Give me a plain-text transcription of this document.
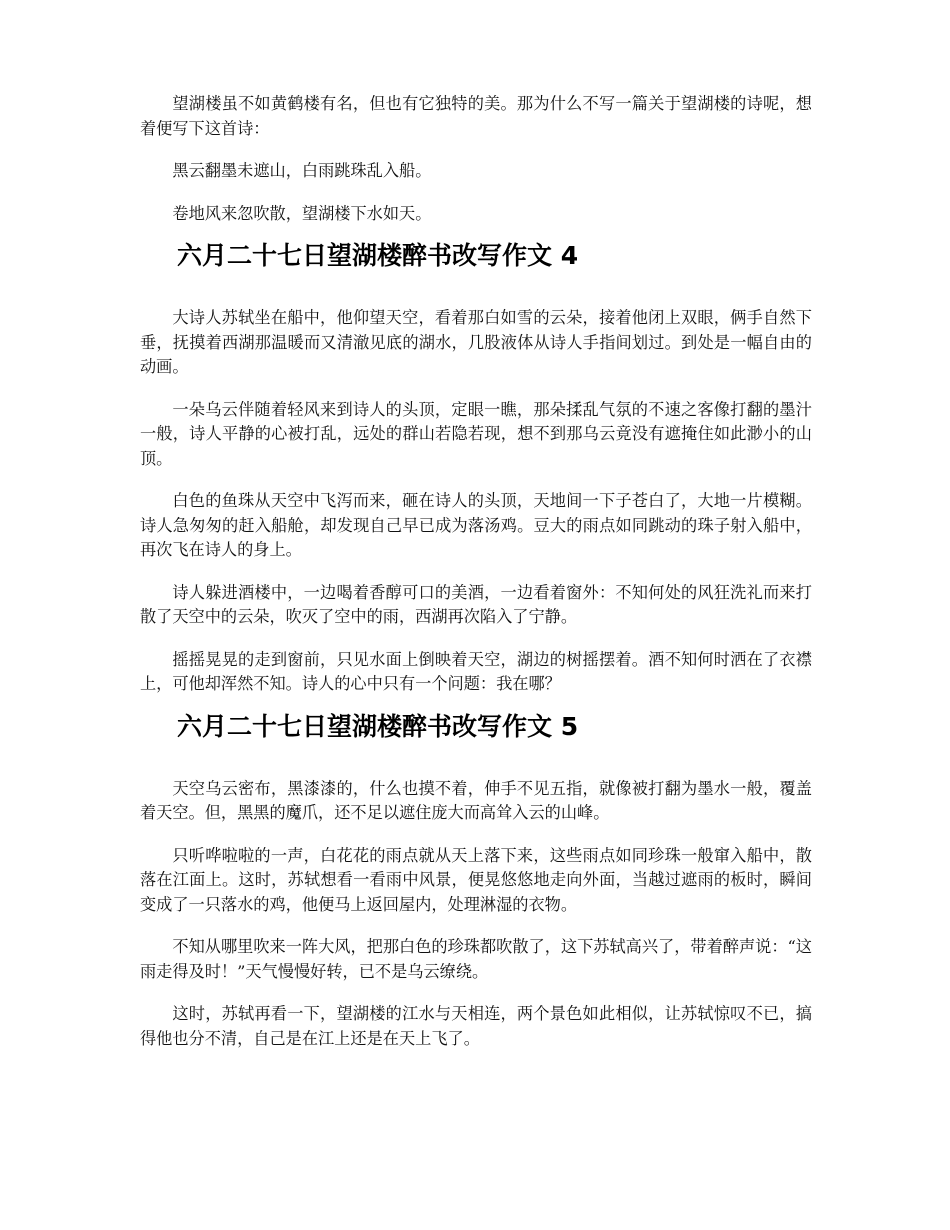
望湖楼虽不如黄鹤楼有名，但也有它独特的美。那为什么不写一篇关于望湖楼的诗呢，想着便写下这首诗：

黑云翻墨未遮山，白雨跳珠乱入船。

卷地风来忽吹散，望湖楼下水如天。

六月二十七日望湖楼醉书改写作文 4

大诗人苏轼坐在船中，他仰望天空，看着那白如雪的云朵，接着他闭上双眼，俩手自然下垂，抚摸着西湖那温暖而又清澈见底的湖水，几股液体从诗人手指间划过。到处是一幅自由的动画。

一朵乌云伴随着轻风来到诗人的头顶，定眼一瞧，那朵揉乱气氛的不速之客像打翻的墨汁一般，诗人平静的心被打乱，远处的群山若隐若现，想不到那乌云竟没有遮掩住如此渺小的山顶。

白色的鱼珠从天空中飞泻而来，砸在诗人的头顶，天地间一下子苍白了，大地一片模糊。诗人急匆匆的赶入船舱，却发现自己早已成为落汤鸡。豆大的雨点如同跳动的珠子射入船中，再次飞在诗人的身上。

诗人躲进酒楼中，一边喝着香醇可口的美酒，一边看着窗外：不知何处的风狂洗礼而来打散了天空中的云朵，吹灭了空中的雨，西湖再次陷入了宁静。

摇摇晃晃的走到窗前，只见水面上倒映着天空，湖边的树摇摆着。酒不知何时洒在了衣襟上，可他却浑然不知。诗人的心中只有一个问题：我在哪？

六月二十七日望湖楼醉书改写作文 5

天空乌云密布，黑漆漆的，什么也摸不着，伸手不见五指，就像被打翻为墨水一般，覆盖着天空。但，黑黑的魔爪，还不足以遮住庞大而高耸入云的山峰。

只听哗啦啦的一声，白花花的雨点就从天上落下来，这些雨点如同珍珠一般窜入船中，散落在江面上。这时，苏轼想看一看雨中风景，便晃悠悠地走向外面，当越过遮雨的板时，瞬间变成了一只落水的鸡，他便马上返回屋内，处理淋湿的衣物。

不知从哪里吹来一阵大风，把那白色的珍珠都吹散了，这下苏轼高兴了，带着醉声说：“这雨走得及时！”天气慢慢好转，已不是乌云缭绕。

这时，苏轼再看一下，望湖楼的江水与天相连，两个景色如此相似，让苏轼惊叹不已，搞得他也分不清，自己是在江上还是在天上飞了。
